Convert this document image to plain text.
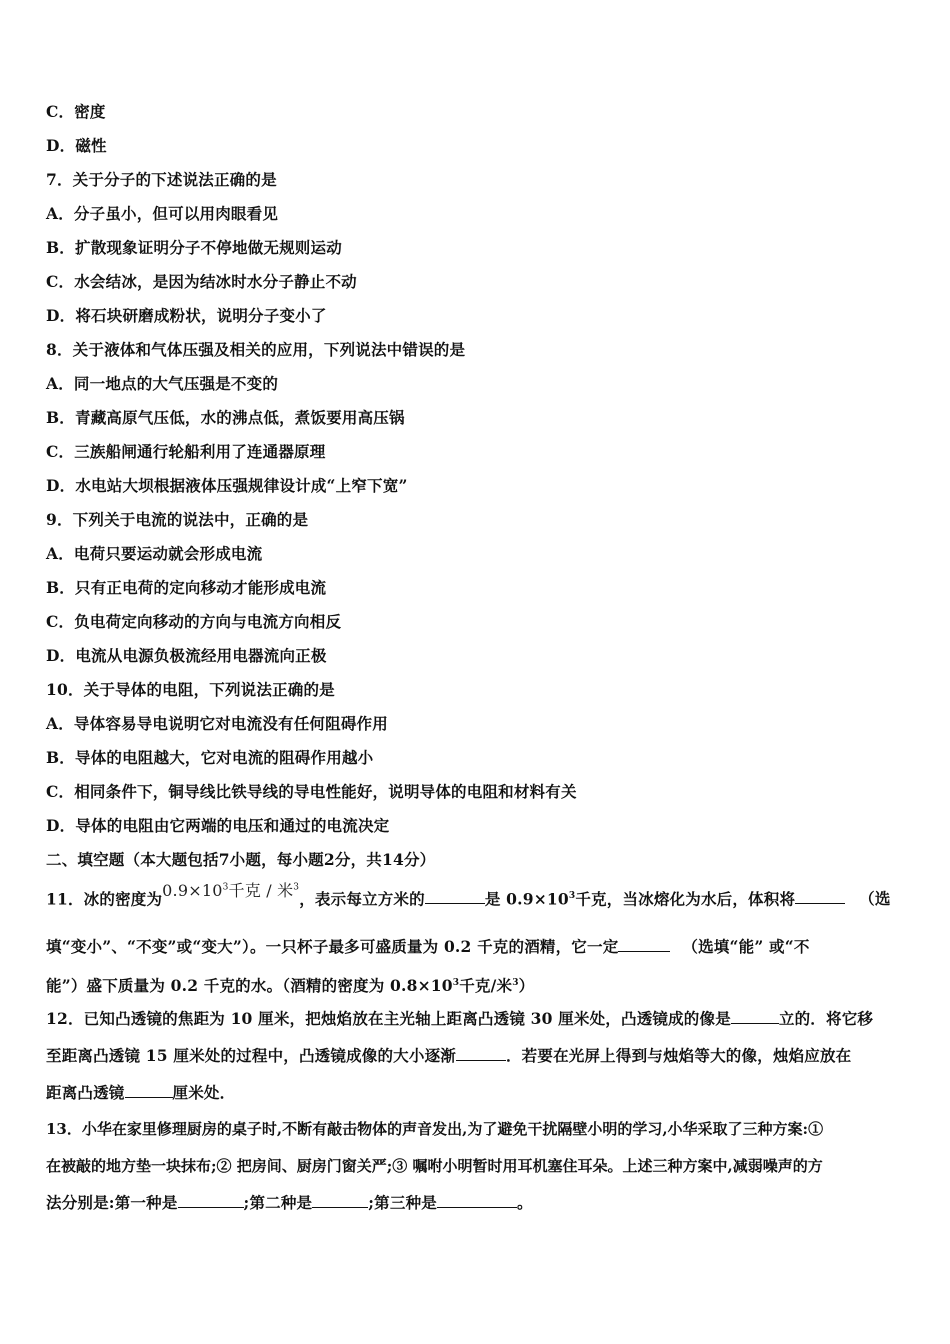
C．密度
D．磁性
7．关于分子的下述说法正确的是
A．分子虽小，但可以用肉眼看见
B．扩散现象证明分子不停地做无规则运动
C．水会结冰，是因为结冰时水分子静止不动
D．将石块研磨成粉状，说明分子变小了
8．关于液体和气体压强及相关的应用，下列说法中错误的是
A．同一地点的大气压强是不变的
B．青藏高原气压低，水的沸点低，煮饭要用高压锅
C．三族船闸通行轮船利用了连通器原理
D．水电站大坝根据液体压强规律设计成“上窄下宽”
9．下列关于电流的说法中，正确的是
A．电荷只要运动就会形成电流
B．只有正电荷的定向移动才能形成电流
C．负电荷定向移动的方向与电流方向相反
D．电流从电源负极流经用电器流向正极
10．关于导体的电阻，下列说法正确的是
A．导体容易导电说明它对电流没有任何阻碍作用
B．导体的电阻越大，它对电流的阻碍作用越小
C．相同条件下，铜导线比铁导线的导电性能好，说明导体的电阻和材料有关
D．导体的电阻由它两端的电压和通过的电流决定
二、填空题（本大题包括7小题，每小题2分，共14分）
11．冰的密度为$0.9\times 10^3$千克 / 米$^3$，表示每立方米的	是 $0.9\times 10^3$千克，当冰熔化为水后，体积将	（选
填“变小”、“不变”或“变大”）。一只杯子最多可盛质量为 0.2 千克的酒精，它一定	（选填“能” 或“不
能”）盛下质量为 0.2 千克的水。（酒精的密度为 $0.8\times 10^3$千克/米$^3$）
12．已知凸透镜的焦距为 10 厘米，把烛焰放在主光轴上距离凸透镜 30 厘米处，凸透镜成的像是	立的．将它移
至距离凸透镜 15 厘米处的过程中，凸透镜成像的大小逐渐	．若要在光屏上得到与烛焰等大的像，烛焰应放在
距离凸透镜	厘米处．
13．小华在家里修理厨房的桌子时,不断有敲击物体的声音发出,为了避免干扰隔壁小明的学习,小华采取了三种方案:①
在被敲的地方垫一块抹布;② 把房间、厨房门窗关严;③ 嘱咐小明暂时用耳机塞住耳朵。上述三种方案中,减弱噪声的方
法分别是:第一种是	;第二种是	;第三种是	。
